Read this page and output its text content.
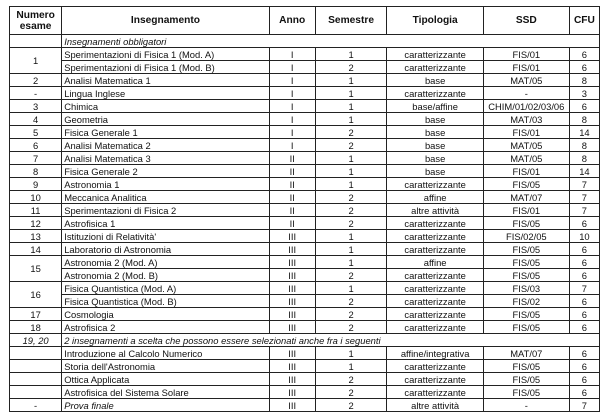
Numero
esame	Insegnamento	Anno	Semestre	Tipologia	SSD	CFU
	Insegnamenti obbligatori					
1	Sperimentazioni di Fisica 1 (Mod. A)	I	1	caratterizzante	FIS/01	6
	Sperimentazioni di Fisica 1 (Mod. B)	I	2	caratterizzante	FIS/01	6
2	Analisi Matematica 1	I	1	base	MAT/05	8
-	Lingua Inglese	I	1	caratterizzante	-	3
3	Chimica	I	1	base/affine	CHIM/01/02/03/06	6
4	Geometria	I	1	base	MAT/03	8
5	Fisica Generale 1	I	2	base	FIS/01	14
6	Analisi Matematica 2	I	2	base	MAT/05	8
7	Analisi Matematica 3	II	1	base	MAT/05	8
8	Fisica Generale 2	II	1	base	FIS/01	14
9	Astronomia 1	II	1	caratterizzante	FIS/05	7
10	Meccanica Analitica	II	2	affine	MAT/07	7
11	Sperimentazioni di Fisica 2	II	2	altre attività	FIS/01	7
12	Astrofisica 1	II	2	caratterizzante	FIS/05	6
13	Istituzioni di Relatività'	III	1	caratterizzante	FIS/02/05	10
14	Laboratorio di Astronomia	III	1	caratterizzante	FIS/05	6
15	Astronomia 2 (Mod. A)	III	1	affine	FIS/05	6
	Astronomia 2 (Mod. B)	III	2	caratterizzante	FIS/05	6
16	Fisica Quantistica (Mod. A)	III	1	caratterizzante	FIS/03	7
	Fisica Quantistica (Mod. B)	III	2	caratterizzante	FIS/02	6
17	Cosmologia	III	2	caratterizzante	FIS/05	6
18	Astrofisica 2	III	2	caratterizzante	FIS/05	6
19, 20	2 insegnamenti a scelta che possono essere selezionati anche fra i seguenti					
	Introduzione al Calcolo Numerico	III	1	affine/integrativa	MAT/07	6
	Storia dell'Astronomia	III	1	caratterizzante	FIS/05	6
	Ottica Applicata	III	2	caratterizzante	FIS/05	6
	Astrofisica del Sistema Solare	III	2	caratterizzante	FIS/05	6
-	Prova finale	III	2	altre attività	-	7
